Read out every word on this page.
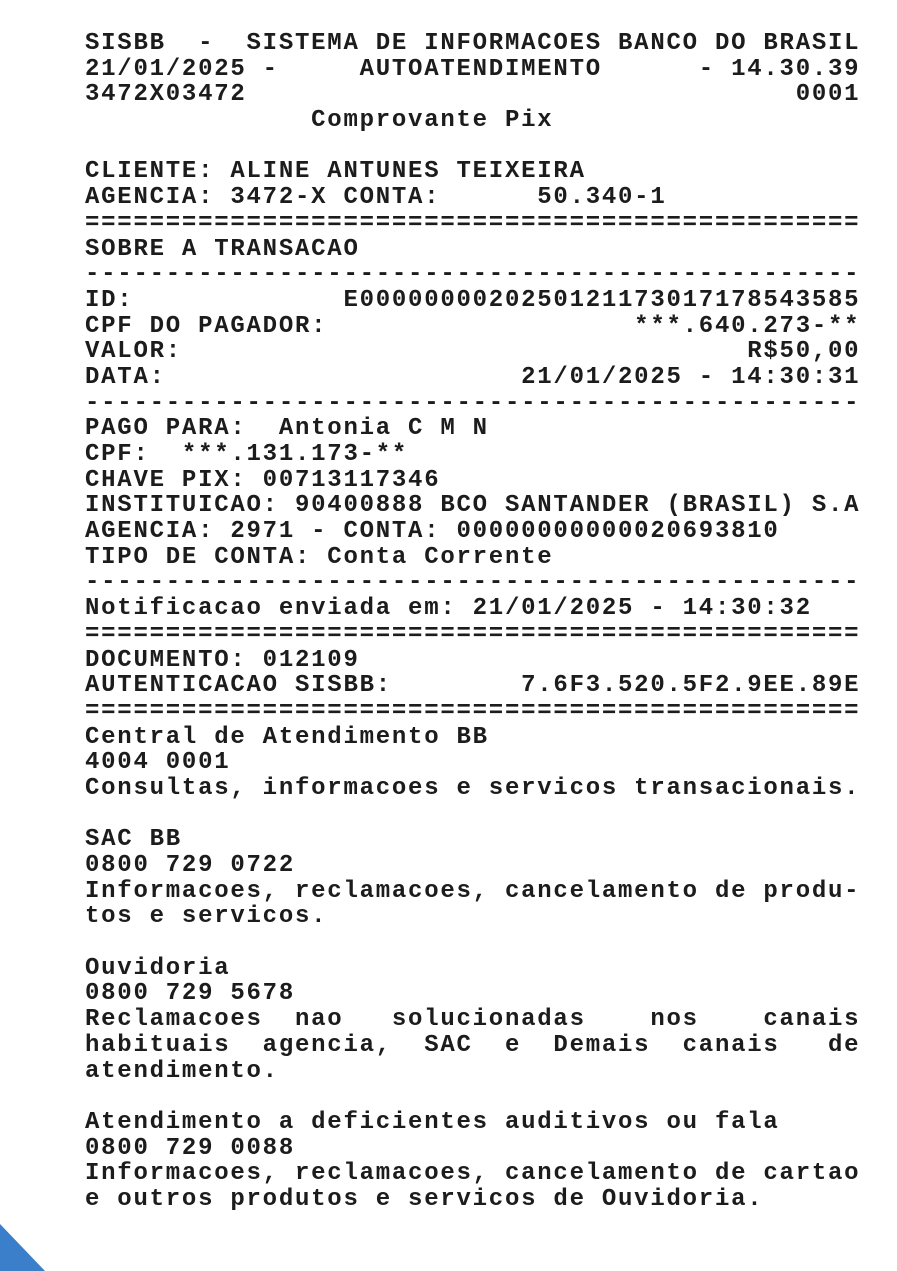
SISBB  -  SISTEMA DE INFORMACOES BANCO DO BRASIL
21/01/2025 -     AUTOATENDIMENTO      - 14.30.39
3472X03472                                  0001
Comprovante Pix
CLIENTE: ALINE ANTUNES TEIXEIRA
AGENCIA: 3472-X CONTA:      50.340-1
================================================
SOBRE A TRANSACAO
------------------------------------------------
ID:             E0000000020250121173017178543585
CPF DO PAGADOR:                   ***.640.273-**
VALOR:                                   R$50,00
DATA:                      21/01/2025 - 14:30:31
------------------------------------------------
PAGO PARA:  Antonia C M N
CPF:  ***.131.173-**
CHAVE PIX: 00713117346
INSTITUICAO: 90400888 BCO SANTANDER (BRASIL) S.A
AGENCIA: 2971 - CONTA: 00000000000020693810
TIPO DE CONTA: Conta Corrente
------------------------------------------------
Notificacao enviada em: 21/01/2025 - 14:30:32
================================================
DOCUMENTO: 012109
AUTENTICACAO SISBB:        7.6F3.520.5F2.9EE.89E
================================================
Central de Atendimento BB
4004 0001
Consultas, informacoes e servicos transacionais.
SAC BB
0800 729 0722
Informacoes, reclamacoes, cancelamento de produ-
tos e servicos.
Ouvidoria
0800 729 5678
Reclamacoes  nao   solucionadas    nos    canais
habituais  agencia,  SAC  e  Demais  canais   de
atendimento.
Atendimento a deficientes auditivos ou fala
0800 729 0088
Informacoes, reclamacoes, cancelamento de cartao
e outros produtos e servicos de Ouvidoria.
